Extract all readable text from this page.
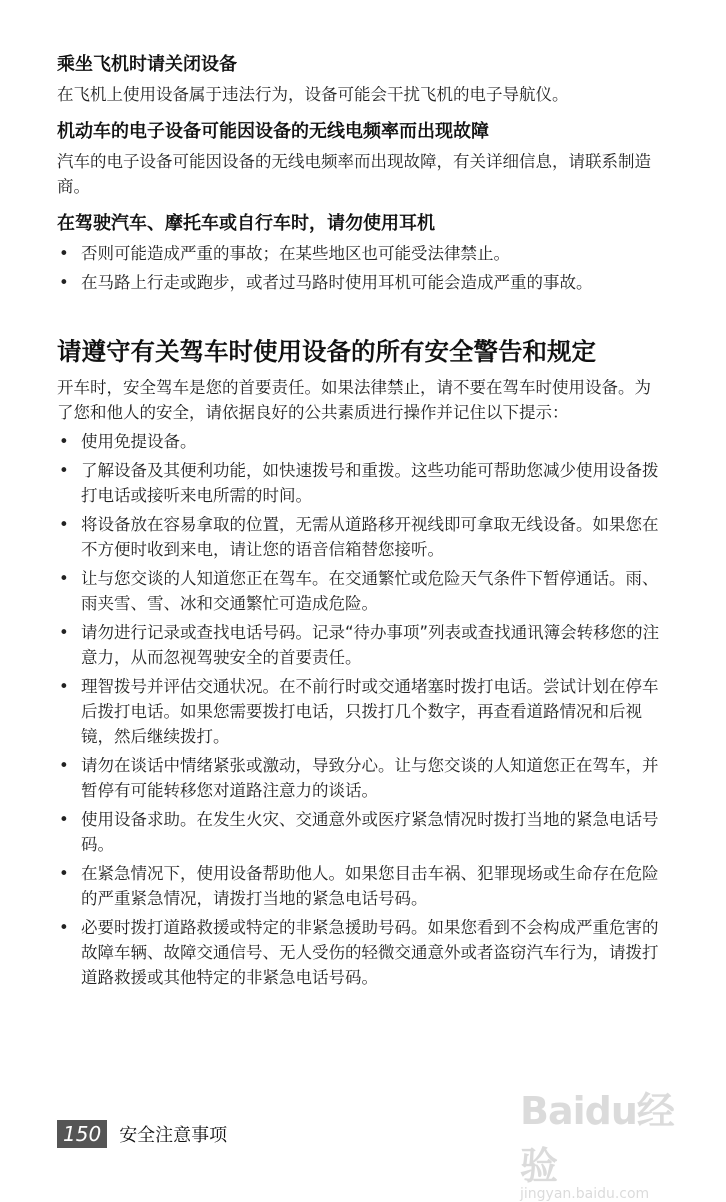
乘坐飞机时请关闭设备

在飞机上使用设备属于违法行为，设备可能会干扰飞机的电子导航仪。

机动车的电子设备可能因设备的无线电频率而出现故障

汽车的电子设备可能因设备的无线电频率而出现故障，有关详细信息，请联系制造商。

在驾驶汽车、摩托车或自行车时，请勿使用耳机
• 否则可能造成严重的事故；在某些地区也可能受法律禁止。
• 在马路上行走或跑步，或者过马路时使用耳机可能会造成严重的事故。
请遵守有关驾车时使用设备的所有安全警告和规定

开车时，安全驾车是您的首要责任。如果法律禁止，请不要在驾车时使用设备。为了您和他人的安全，请依据良好的公共素质进行操作并记住以下提示：

• 使用免提设备。
• 了解设备及其便利功能，如快速拨号和重拨。这些功能可帮助您减少使用设备拨打电话或接听来电所需的时间。
• 将设备放在容易拿取的位置，无需从道路移开视线即可拿取无线设备。如果您在不方便时收到来电，请让您的语音信箱替您接听。
• 让与您交谈的人知道您正在驾车。在交通繁忙或危险天气条件下暂停通话。雨、雨夹雪、雪、冰和交通繁忙可造成危险。
• 请勿进行记录或查找电话号码。记录“待办事项”列表或查找通讯簿会转移您的注意力，从而忽视驾驶安全的首要责任。
• 理智拨号并评估交通状况。在不前行时或交通堵塞时拨打电话。尝试计划在停车后拨打电话。如果您需要拨打电话，只拨打几个数字，再查看道路情况和后视镜，然后继续拨打。
• 请勿在谈话中情绪紧张或激动，导致分心。让与您交谈的人知道您正在驾车，并暂停有可能转移您对道路注意力的谈话。
• 使用设备求助。在发生火灾、交通意外或医疗紧急情况时拨打当地的紧急电话号码。
• 在紧急情况下，使用设备帮助他人。如果您目击车祸、犯罪现场或生命存在危险的严重紧急情况，请拨打当地的紧急电话号码。
• 必要时拨打道路救援或特定的非紧急援助号码。如果您看到不会构成严重危害的故障车辆、故障交通信号、无人受伤的轻微交通意外或者盗窃汽车行为，请拨打道路救援或其他特定的非紧急电话号码。
150	安全注意事项
Baidu经验
jingyan.baidu.com
